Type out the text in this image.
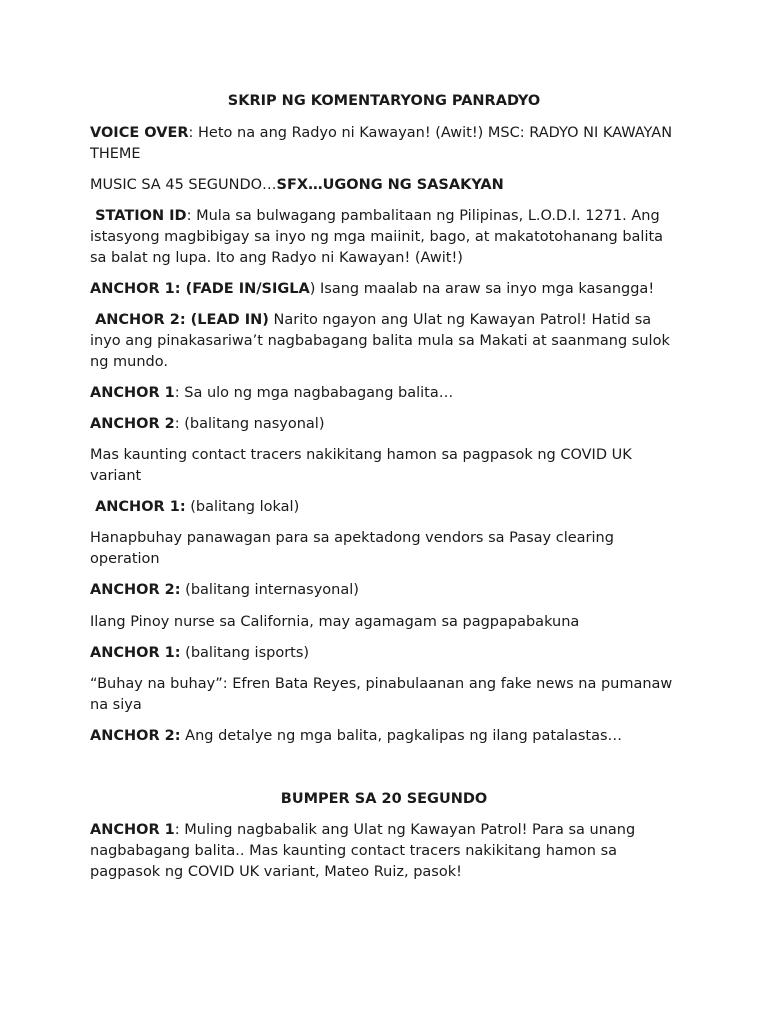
SKRIP NG KOMENTARYONG PANRADYO

VOICE OVER: Heto na ang Radyo ni Kawayan! (Awit!) MSC: RADYO NI KAWAYAN THEME

MUSIC SA 45 SEGUNDO…SFX…UGONG NG SASAKYAN

STATION ID: Mula sa bulwagang pambalitaan ng Pilipinas, L.O.D.I. 1271. Ang istasyong magbibigay sa inyo ng mga maiinit, bago, at makatotohanang balita sa balat ng lupa. Ito ang Radyo ni Kawayan! (Awit!)

ANCHOR 1: (FADE IN/SIGLA) Isang maalab na araw sa inyo mga kasangga!

ANCHOR 2: (LEAD IN) Narito ngayon ang Ulat ng Kawayan Patrol! Hatid sa inyo ang pinakasariwa’t nagbabagang balita mula sa Makati at saanmang sulok ng mundo.

ANCHOR 1: Sa ulo ng mga nagbabagang balita…

ANCHOR 2: (balitang nasyonal)

Mas kaunting contact tracers nakikitang hamon sa pagpasok ng COVID UK variant

ANCHOR 1: (balitang lokal)

Hanapbuhay panawagan para sa apektadong vendors sa Pasay clearing operation

ANCHOR 2: (balitang internasyonal)

Ilang Pinoy nurse sa California, may agamagam sa pagpapabakuna

ANCHOR 1: (balitang isports)

“Buhay na buhay”: Efren Bata Reyes, pinabulaanan ang fake news na pumanaw na siya

ANCHOR 2: Ang detalye ng mga balita, pagkalipas ng ilang patalastas…

BUMPER SA 20 SEGUNDO

ANCHOR 1: Muling nagbabalik ang Ulat ng Kawayan Patrol! Para sa unang nagbabagang balita.. Mas kaunting contact tracers nakikitang hamon sa pagpasok ng COVID UK variant, Mateo Ruiz, pasok!
